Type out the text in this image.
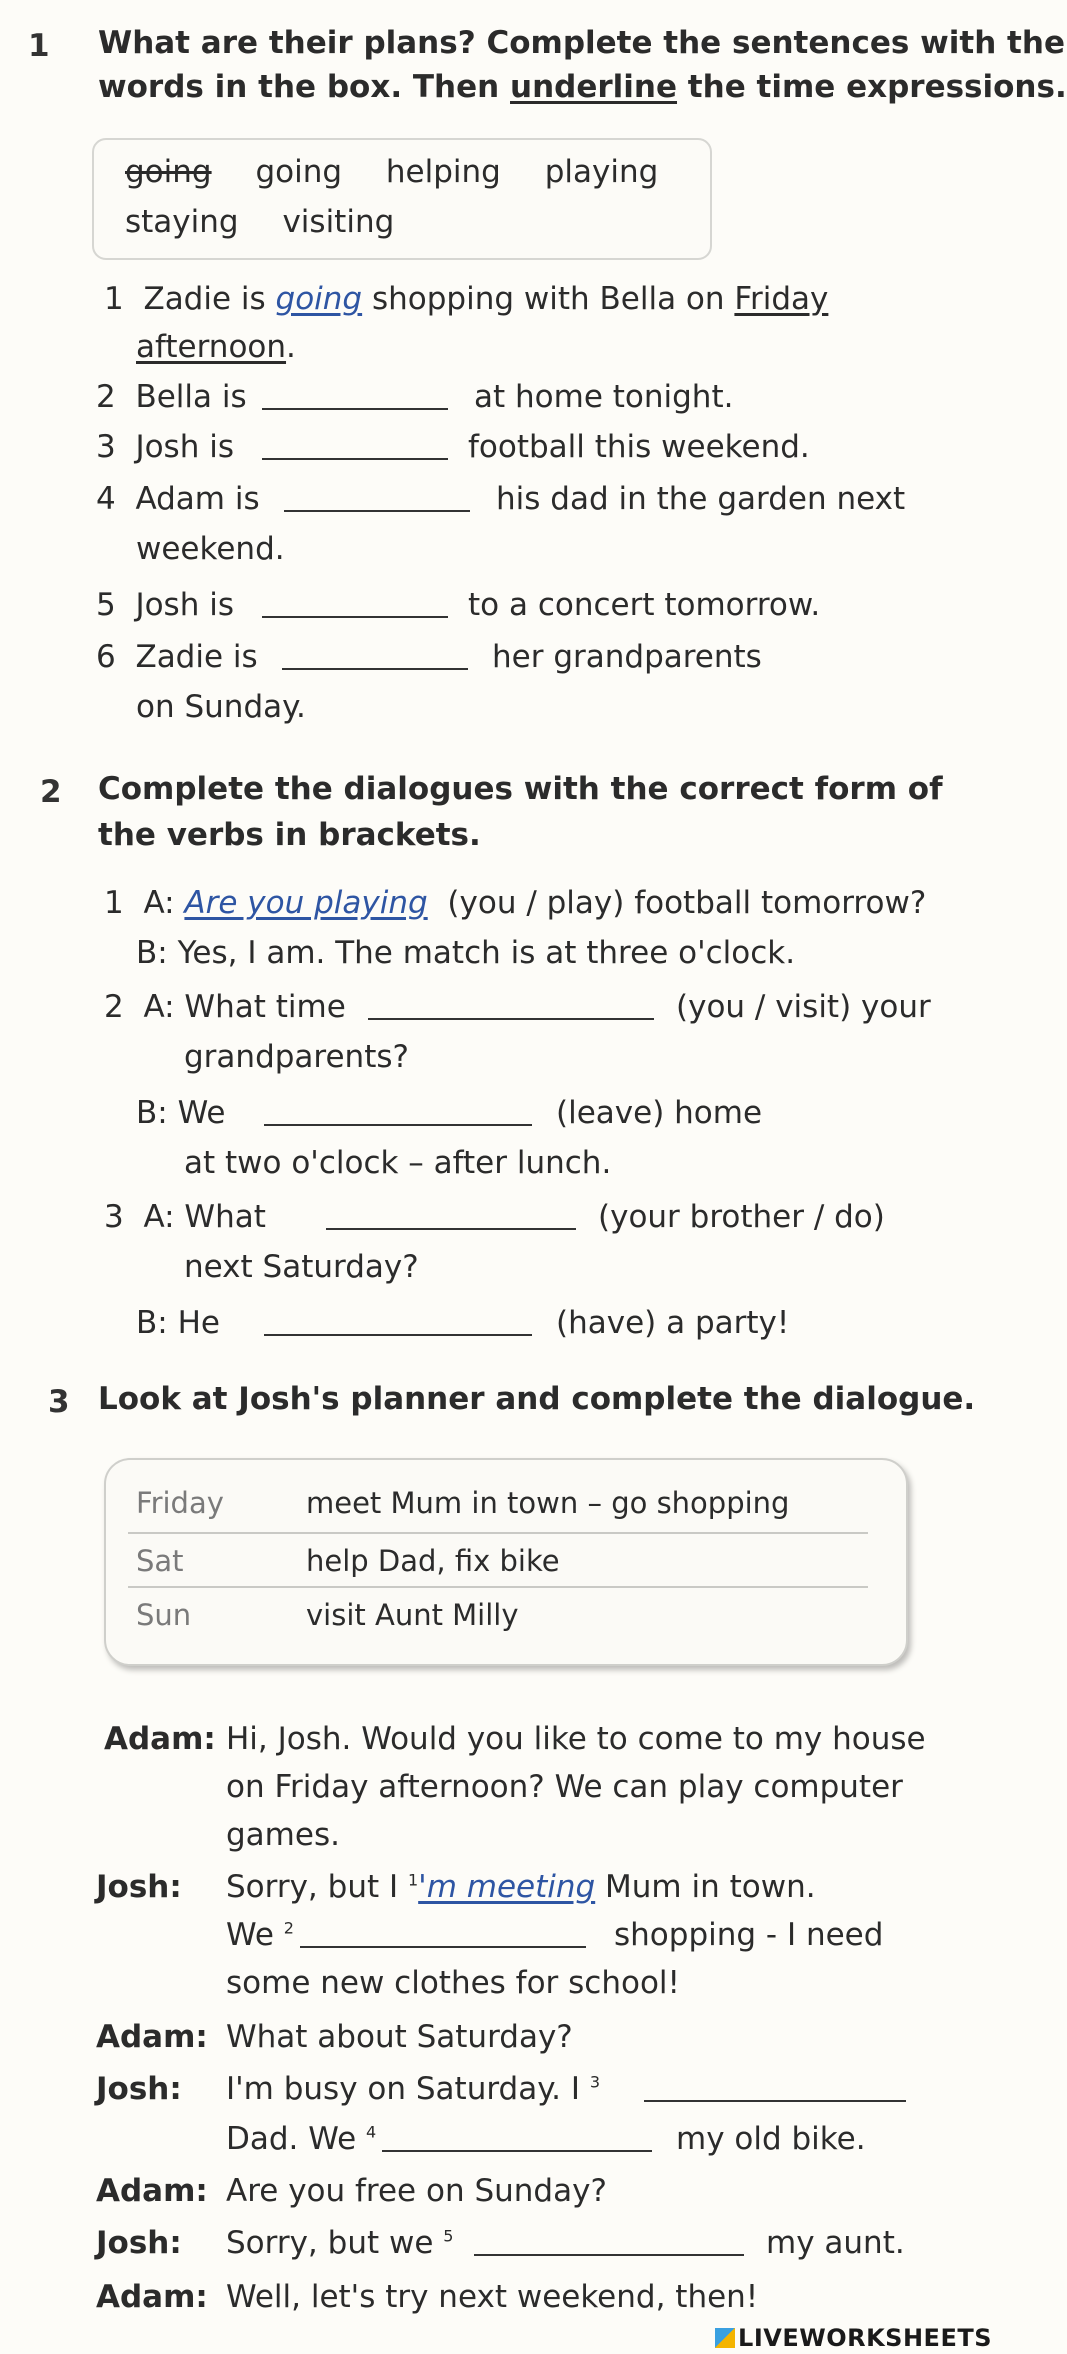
1 What are their plans? Complete the sentences with the
words in the box. Then underline the time expressions.
going going helping playing
staying visiting
1 Zadie is going shopping with Bella on Friday
afternoon.
2 Bella is	at home tonight.
3 Josh is	football this weekend.
4 Adam is	his dad in the garden next
weekend.
5 Josh is	to a concert tomorrow.
6 Zadie is	her grandparents
on Sunday.
2 Complete the dialogues with the correct form of
the verbs in brackets.
1 A: Are you playing (you / play) football tomorrow?
B: Yes, I am. The match is at three o'clock.
2 A: What time	(you / visit) your
grandparents?
B: We	(leave) home
at two o'clock – after lunch.
3 A: What	(your brother / do)
next Saturday?
B: He	(have) a party!
3 Look at Josh's planner and complete the dialogue.
Friday	meet Mum in town – go shopping
Sat	help Dad, fix bike
Sun	visit Aunt Milly
Adam: Hi, Josh. Would you like to come to my house
on Friday afternoon? We can play computer
games.
Josh: Sorry, but I $^1$'m meeting Mum in town.
We $^2$	shopping - I need
some new clothes for school!
Adam: What about Saturday?
Josh: I'm busy on Saturday. I $^3$
Dad. We $^4$	my old bike.
Adam: Are you free on Sunday?
Josh: Sorry, but we $^5$	my aunt.
Adam: Well, let's try next weekend, then!
LIVEWORKSHEETS
